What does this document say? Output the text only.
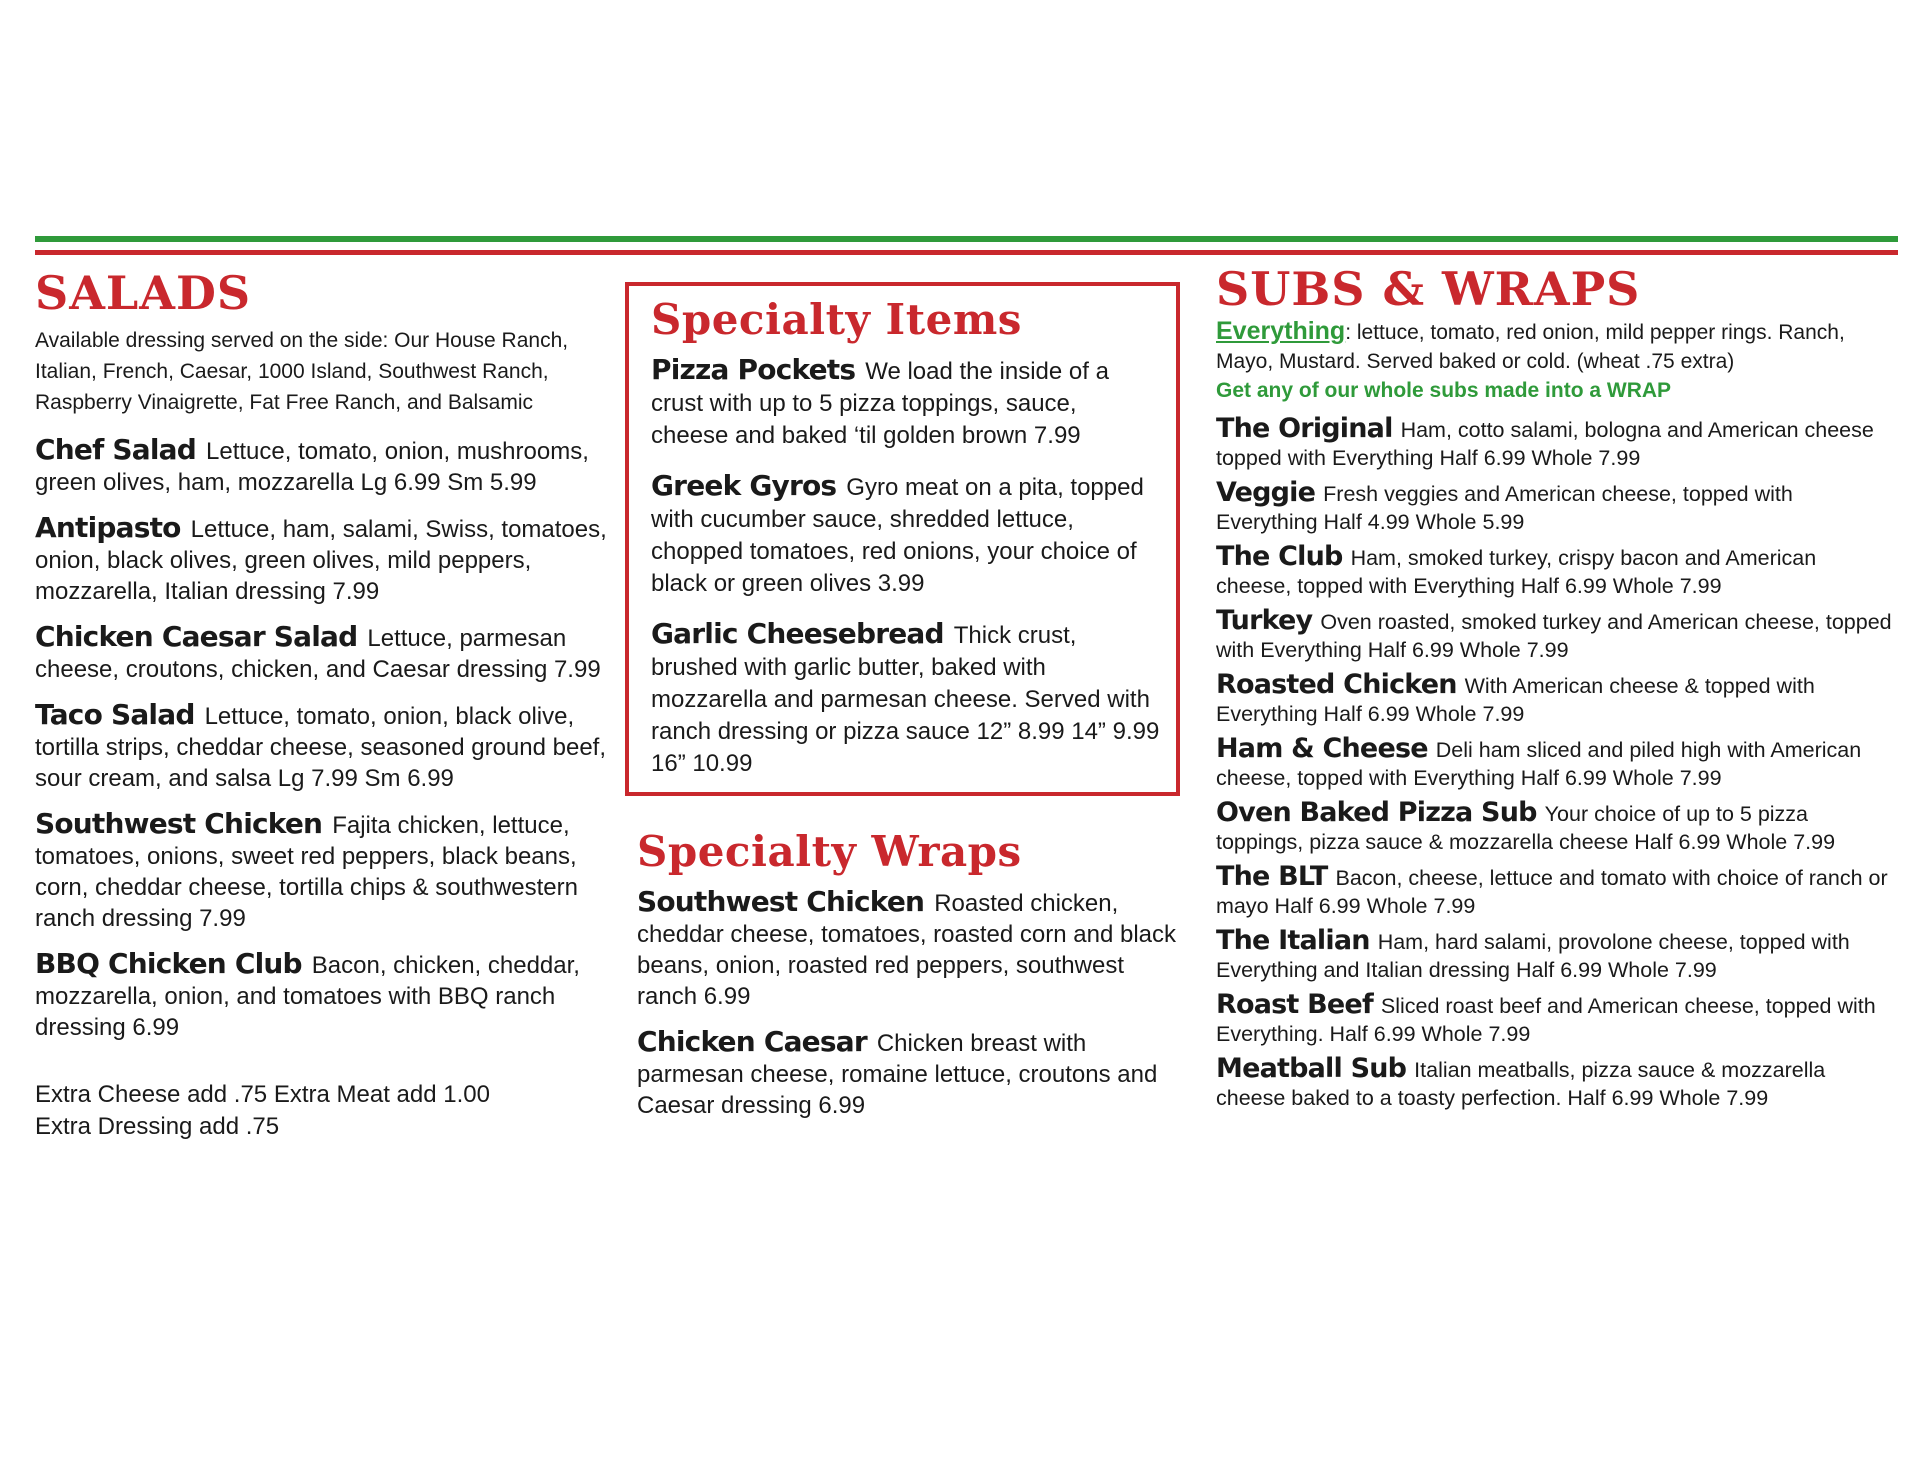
SALADS
Available dressing served on the side: Our House Ranch, Italian, French, Caesar, 1000 Island, Southwest Ranch, Raspberry Vinaigrette, Fat Free Ranch, and Balsamic
Chef Salad Lettuce, tomato, onion, mushrooms, green olives, ham, mozzarella Lg 6.99 Sm 5.99
Antipasto Lettuce, ham, salami, Swiss, tomatoes, onion, black olives, green olives, mild peppers, mozzarella, Italian dressing 7.99
Chicken Caesar Salad Lettuce, parmesan cheese, croutons, chicken, and Caesar dressing 7.99
Taco Salad Lettuce, tomato, onion, black olive, tortilla strips, cheddar cheese, seasoned ground beef, sour cream, and salsa Lg 7.99 Sm 6.99
Southwest Chicken Fajita chicken, lettuce, tomatoes, onions, sweet red peppers, black beans, corn, cheddar cheese, tortilla chips & southwestern ranch dressing 7.99
BBQ Chicken Club Bacon, chicken, cheddar, mozzarella, onion, and tomatoes with BBQ ranch dressing 6.99
Extra Cheese add .75 Extra Meat add 1.00
Extra Dressing add .75
Specialty Items
Pizza Pockets We load the inside of a crust with up to 5 pizza toppings, sauce, cheese and baked ‘til golden brown 7.99
Greek Gyros Gyro meat on a pita, topped with cucumber sauce, shredded lettuce, chopped tomatoes, red onions, your choice of black or green olives 3.99
Garlic Cheesebread Thick crust, brushed with garlic butter, baked with mozzarella and parmesan cheese. Served with ranch dressing or pizza sauce 12” 8.99 14” 9.99 16” 10.99
Specialty Wraps
Southwest Chicken Roasted chicken, cheddar cheese, tomatoes, roasted corn and black beans, onion, roasted red peppers, southwest ranch 6.99
Chicken Caesar Chicken breast with parmesan cheese, romaine lettuce, croutons and Caesar dressing 6.99
SUBS & WRAPS
Everything: lettuce, tomato, red onion, mild pepper rings. Ranch, Mayo, Mustard. Served baked or cold. (wheat .75 extra)
Get any of our whole subs made into a WRAP
The Original Ham, cotto salami, bologna and American cheese topped with Everything Half 6.99 Whole 7.99
Veggie Fresh veggies and American cheese, topped with Everything Half 4.99 Whole 5.99
The Club Ham, smoked turkey, crispy bacon and American cheese, topped with Everything Half 6.99 Whole 7.99
Turkey Oven roasted, smoked turkey and American cheese, topped with Everything Half 6.99 Whole 7.99
Roasted Chicken With American cheese & topped with Everything Half 6.99 Whole 7.99
Ham & Cheese Deli ham sliced and piled high with American cheese, topped with Everything Half 6.99 Whole 7.99
Oven Baked Pizza Sub Your choice of up to 5 pizza toppings, pizza sauce & mozzarella cheese Half 6.99 Whole 7.99
The BLT Bacon, cheese, lettuce and tomato with choice of ranch or mayo Half 6.99 Whole 7.99
The Italian Ham, hard salami, provolone cheese, topped with Everything and Italian dressing Half 6.99 Whole 7.99
Roast Beef Sliced roast beef and American cheese, topped with Everything. Half 6.99 Whole 7.99
Meatball Sub Italian meatballs, pizza sauce & mozzarella cheese baked to a toasty perfection. Half 6.99 Whole 7.99
